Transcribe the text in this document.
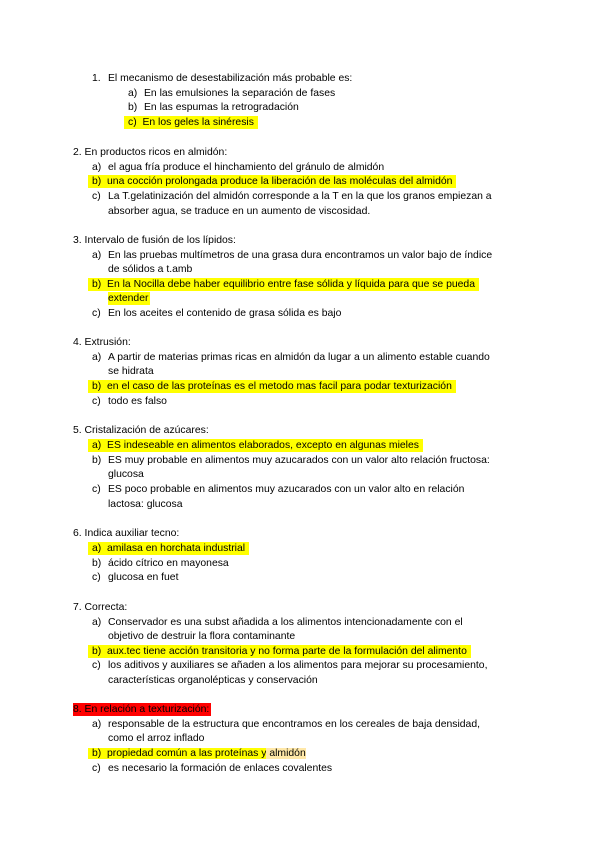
1. El mecanismo de desestabilización más probable es:
a) En las emulsiones la separación de fases
b) En las espumas la retrogradación
c) En los geles la sinéresis
2. En productos ricos en almidón:
a) el agua fría produce el hinchamiento del gránulo de almidón
b) una cocción prolongada produce la liberación de las moléculas del almidón
c) La T.gelatinización del almidón corresponde a la T en la que los granos empiezan a
absorber agua, se traduce en un aumento de viscosidad.
3. Intervalo de fusión de los lípidos:
a) En las pruebas multímetros de una grasa dura encontramos un valor bajo de índice
de sólidos a t.amb
b) En la Nocilla debe haber equilibrio entre fase sólida y líquida para que se pueda
extender
c) En los aceites el contenido de grasa sólida es bajo
4. Extrusión:
a) A partir de materias primas ricas en almidón da lugar a un alimento estable cuando
se hidrata
b) en el caso de las proteínas es el metodo mas facil para podar texturización
c) todo es falso
5. Cristalización de azúcares:
a) ES indeseable en alimentos elaborados, excepto en algunas mieles
b) ES muy probable en alimentos muy azucarados con un valor alto relación fructosa:
glucosa
c) ES poco probable en alimentos muy azucarados con un valor alto en relación
lactosa: glucosa
6. Indica auxiliar tecno:
a) amilasa en horchata industrial
b) ácido cítrico en mayonesa
c) glucosa en fuet
7. Correcta:
a) Conservador es una subst añadida a los alimentos intencionadamente con el
objetivo de destruir la flora contaminante
b) aux.tec tiene acción transitoria y no forma parte de la formulación del alimento
c) los aditivos y auxiliares se añaden a los alimentos para mejorar su procesamiento,
características organolépticas y conservación
8. En relación a texturización:
a) responsable de la estructura que encontramos en los cereales de baja densidad,
como el arroz inflado
b) propiedad común a las proteínas y almidón
c) es necesario la formación de enlaces covalentes
